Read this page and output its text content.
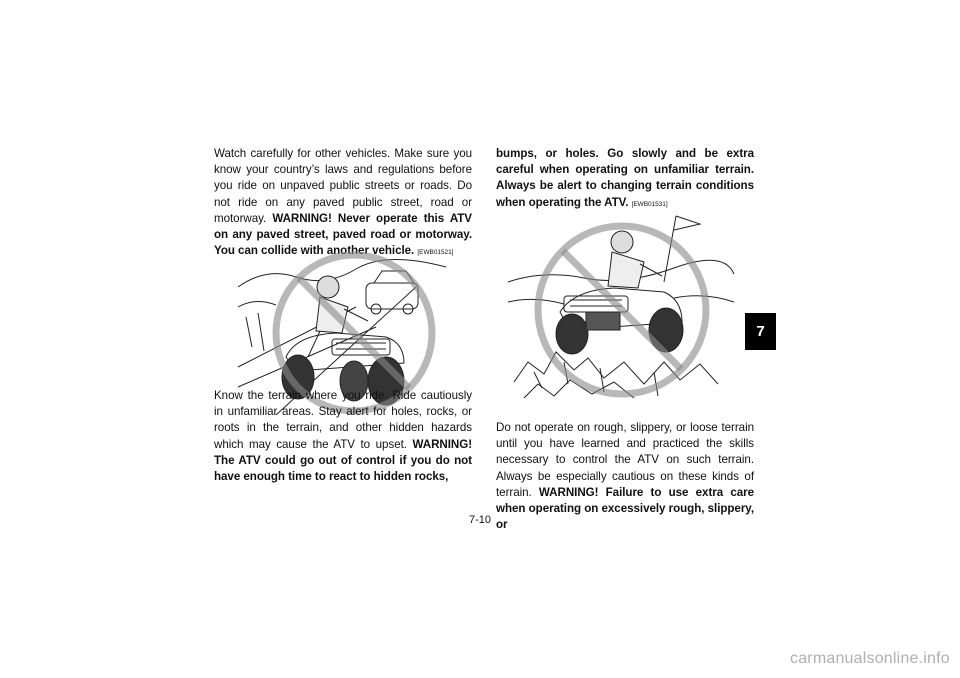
Watch carefully for other vehicles. Make sure you know your country’s laws and regulations before you ride on unpaved public streets or roads. Do not ride on any paved public street, road or motorway. WARNING! Never operate this ATV on any paved street, paved road or motorway. You can collide with another vehicle. [EWB01521]

Know the terrain where you ride. Ride cautiously in unfamiliar areas. Stay alert for holes, rocks, or roots in the terrain, and other hidden hazards which may cause the ATV to upset. WARNING! The ATV could go out of control if you do not have enough time to react to hidden rocks,

bumps, or holes. Go slowly and be extra careful when operating on unfamiliar terrain. Always be alert to changing terrain conditions when operating the ATV. [EWB01531]

Do not operate on rough, slippery, or loose terrain until you have learned and practiced the skills necessary to control the ATV on such terrain. Always be especially cautious on these kinds of terrain. WARNING! Failure to use extra care when operating on excessively rough, slippery, or

7
7-10
carmanualsonline.info
